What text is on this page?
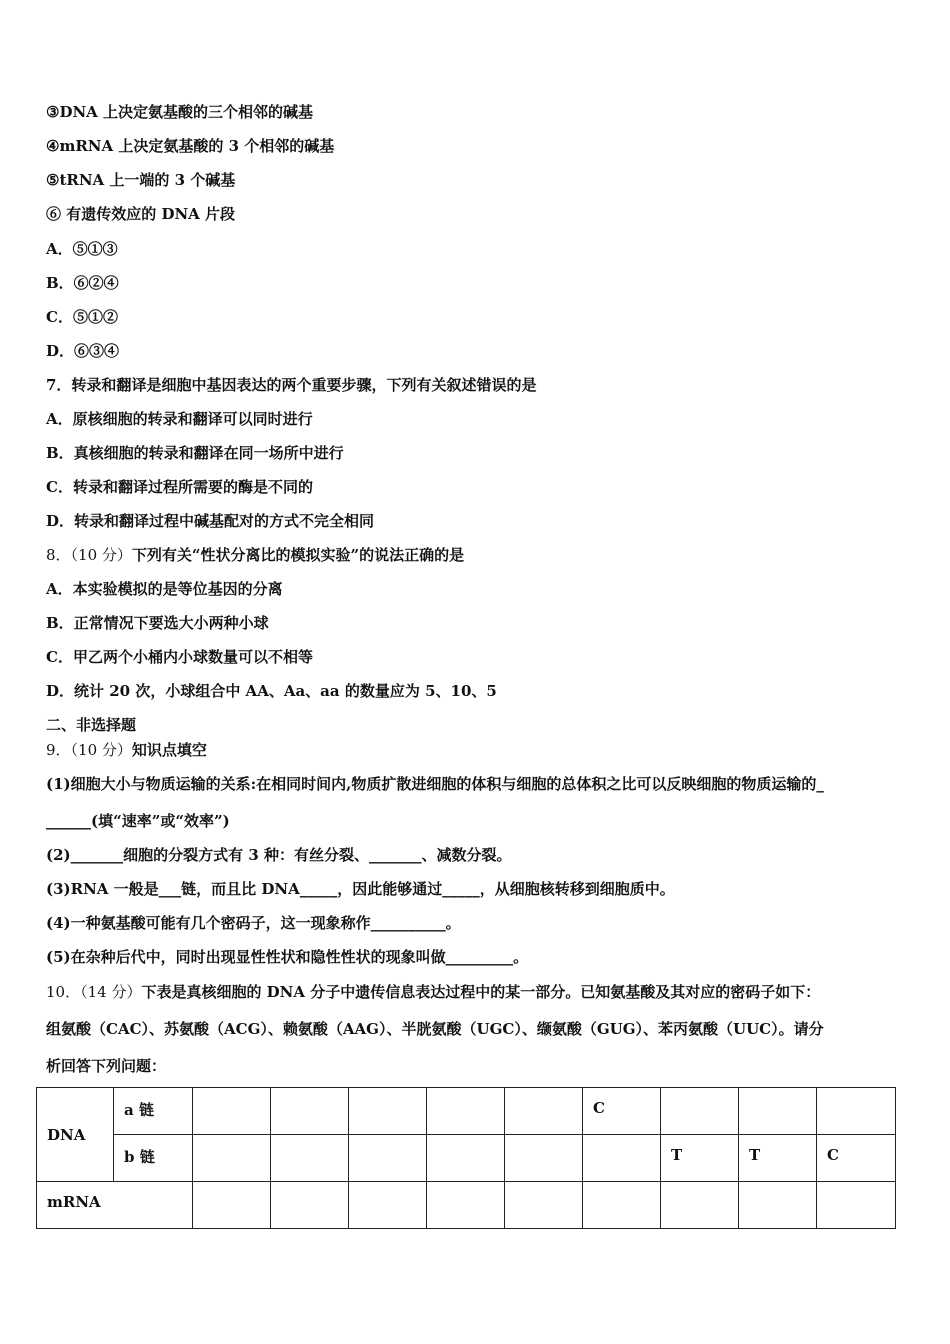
③DNA 上决定氨基酸的三个相邻的碱基
④mRNA 上决定氨基酸的 3 个相邻的碱基
⑤tRNA 上一端的 3 个碱基
⑥ 有遗传效应的 DNA 片段
A．⑤①③
B．⑥②④
C．⑤①②
D．⑥③④
7．转录和翻译是细胞中基因表达的两个重要步骤，下列有关叙述错误的是
A．原核细胞的转录和翻译可以同时进行
B．真核细胞的转录和翻译在同一场所中进行
C．转录和翻译过程所需要的酶是不同的
D．转录和翻译过程中碱基配对的方式不完全相同
8．（10 分）下列有关“性状分离比的模拟实验”的说法正确的是
A．本实验模拟的是等位基因的分离
B．正常情况下要选大小两种小球
C．甲乙两个小桶内小球数量可以不相等
D．统计 20 次，小球组合中 AA、Aa、aa 的数量应为 5、10、5
二、非选择题
9．（10 分）知识点填空
(1)细胞大小与物质运输的关系:在相同时间内,物质扩散进细胞的体积与细胞的总体积之比可以反映细胞的物质运输的_
______(填“速率”或“效率”)
(2)_______细胞的分裂方式有 3 种：有丝分裂、_______、减数分裂。
(3)RNA 一般是___链，而且比 DNA_____，因此能够通过_____，从细胞核转移到细胞质中。
(4)一种氨基酸可能有几个密码子，这一现象称作__________。
(5)在杂种后代中，同时出现显性性状和隐性性状的现象叫做_________。
10．（14 分）下表是真核细胞的 DNA 分子中遗传信息表达过程中的某一部分。已知氨基酸及其对应的密码子如下：
组氨酸（CAC）、苏氨酸（ACG）、赖氨酸（AAG）、半胱氨酸（UGC）、缬氨酸（GUG）、苯丙氨酸（UUC）。请分
析回答下列问题：
DNA	a 链						C			

	b 链							T	T	C

mRNA										
